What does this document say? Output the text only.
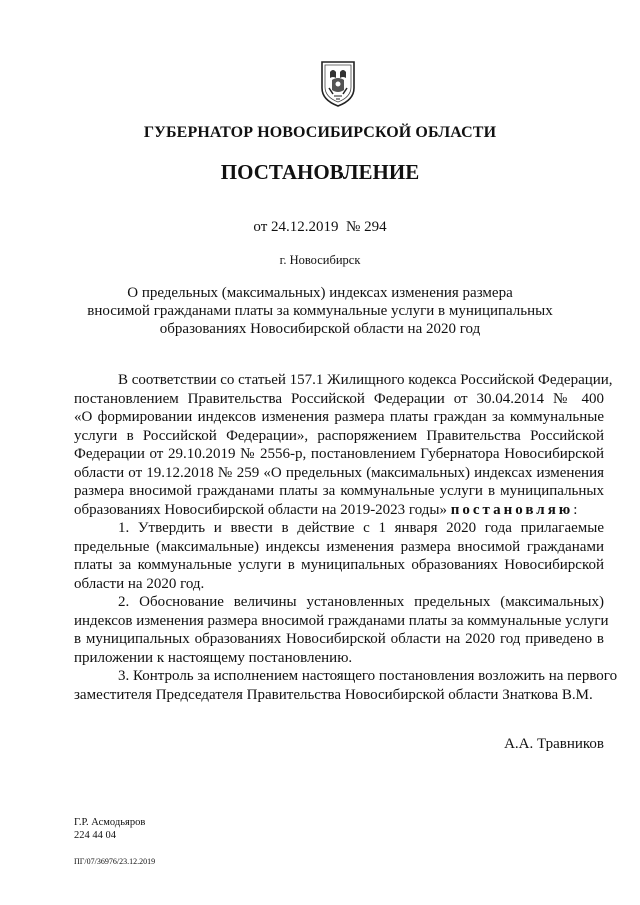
ГУБЕРНАТОР НОВОСИБИРСКОЙ ОБЛАСТИ
ПОСТАНОВЛЕНИЕ
от 24.12.2019 № 294
г. Новосибирск
О предельных (максимальных) индексах изменения размера
вносимой гражданами платы за коммунальные услуги в муниципальных
образованиях Новосибирской области на 2020 год
В соответствии со статьей 157.1 Жилищного кодекса Российской Федерации,
постановлением Правительства Российской Федерации от 30.04.2014 № 400
«О формировании индексов изменения размера платы граждан за коммунальные
услуги в Российской Федерации», распоряжением Правительства Российской
Федерации от 29.10.2019 № 2556-р, постановлением Губернатора Новосибирской
области от 19.12.2018 № 259 «О предельных (максимальных) индексах изменения
размера вносимой гражданами платы за коммунальные услуги в муниципальных
образованиях Новосибирской области на 2019-2023 годы» постановляю:
1. Утвердить и ввести в действие с 1 января 2020 года прилагаемые
предельные (максимальные) индексы изменения размера вносимой гражданами
платы за коммунальные услуги в муниципальных образованиях Новосибирской
области на 2020 год.
2. Обоснование величины установленных предельных (максимальных)
индексов изменения размера вносимой гражданами платы за коммунальные услуги
в муниципальных образованиях Новосибирской области на 2020 год приведено в
приложении к настоящему постановлению.
3. Контроль за исполнением настоящего постановления возложить на первого
заместителя Председателя Правительства Новосибирской области Знаткова В.М.
А.А. Травников
Г.Р. Асмодьяров
224 44 04
ПГ/07/36976/23.12.2019
